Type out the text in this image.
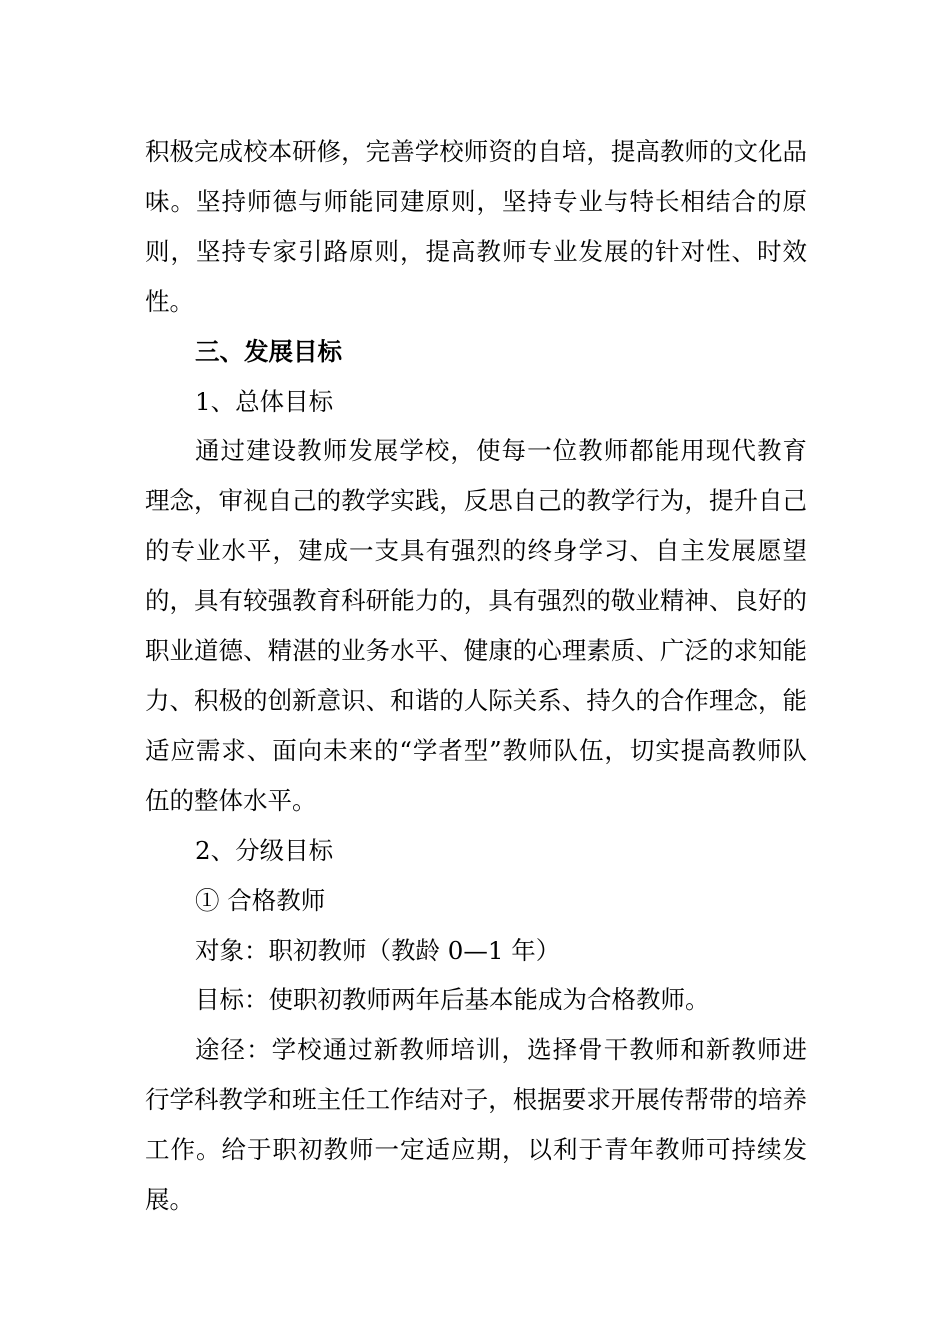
积极完成校本研修，完善学校师资的自培，提高教师的文化品味。坚持师德与师能同建原则，坚持专业与特长相结合的原则，坚持专家引路原则，提高教师专业发展的针对性、时效性。

三、发展目标

1、总体目标

通过建设教师发展学校，使每一位教师都能用现代教育理念，审视自己的教学实践，反思自己的教学行为，提升自己的专业水平，建成一支具有强烈的终身学习、自主发展愿望的，具有较强教育科研能力的，具有强烈的敬业精神、良好的职业道德、精湛的业务水平、健康的心理素质、广泛的求知能力、积极的创新意识、和谐的人际关系、持久的合作理念，能适应需求、面向未来的“学者型”教师队伍，切实提高教师队伍的整体水平。

2、分级目标

① 合格教师

对象：职初教师（教龄 0—1 年）

目标：使职初教师两年后基本能成为合格教师。

途径：学校通过新教师培训，选择骨干教师和新教师进行学科教学和班主任工作结对子，根据要求开展传帮带的培养工作。给于职初教师一定适应期，以利于青年教师可持续发展。
